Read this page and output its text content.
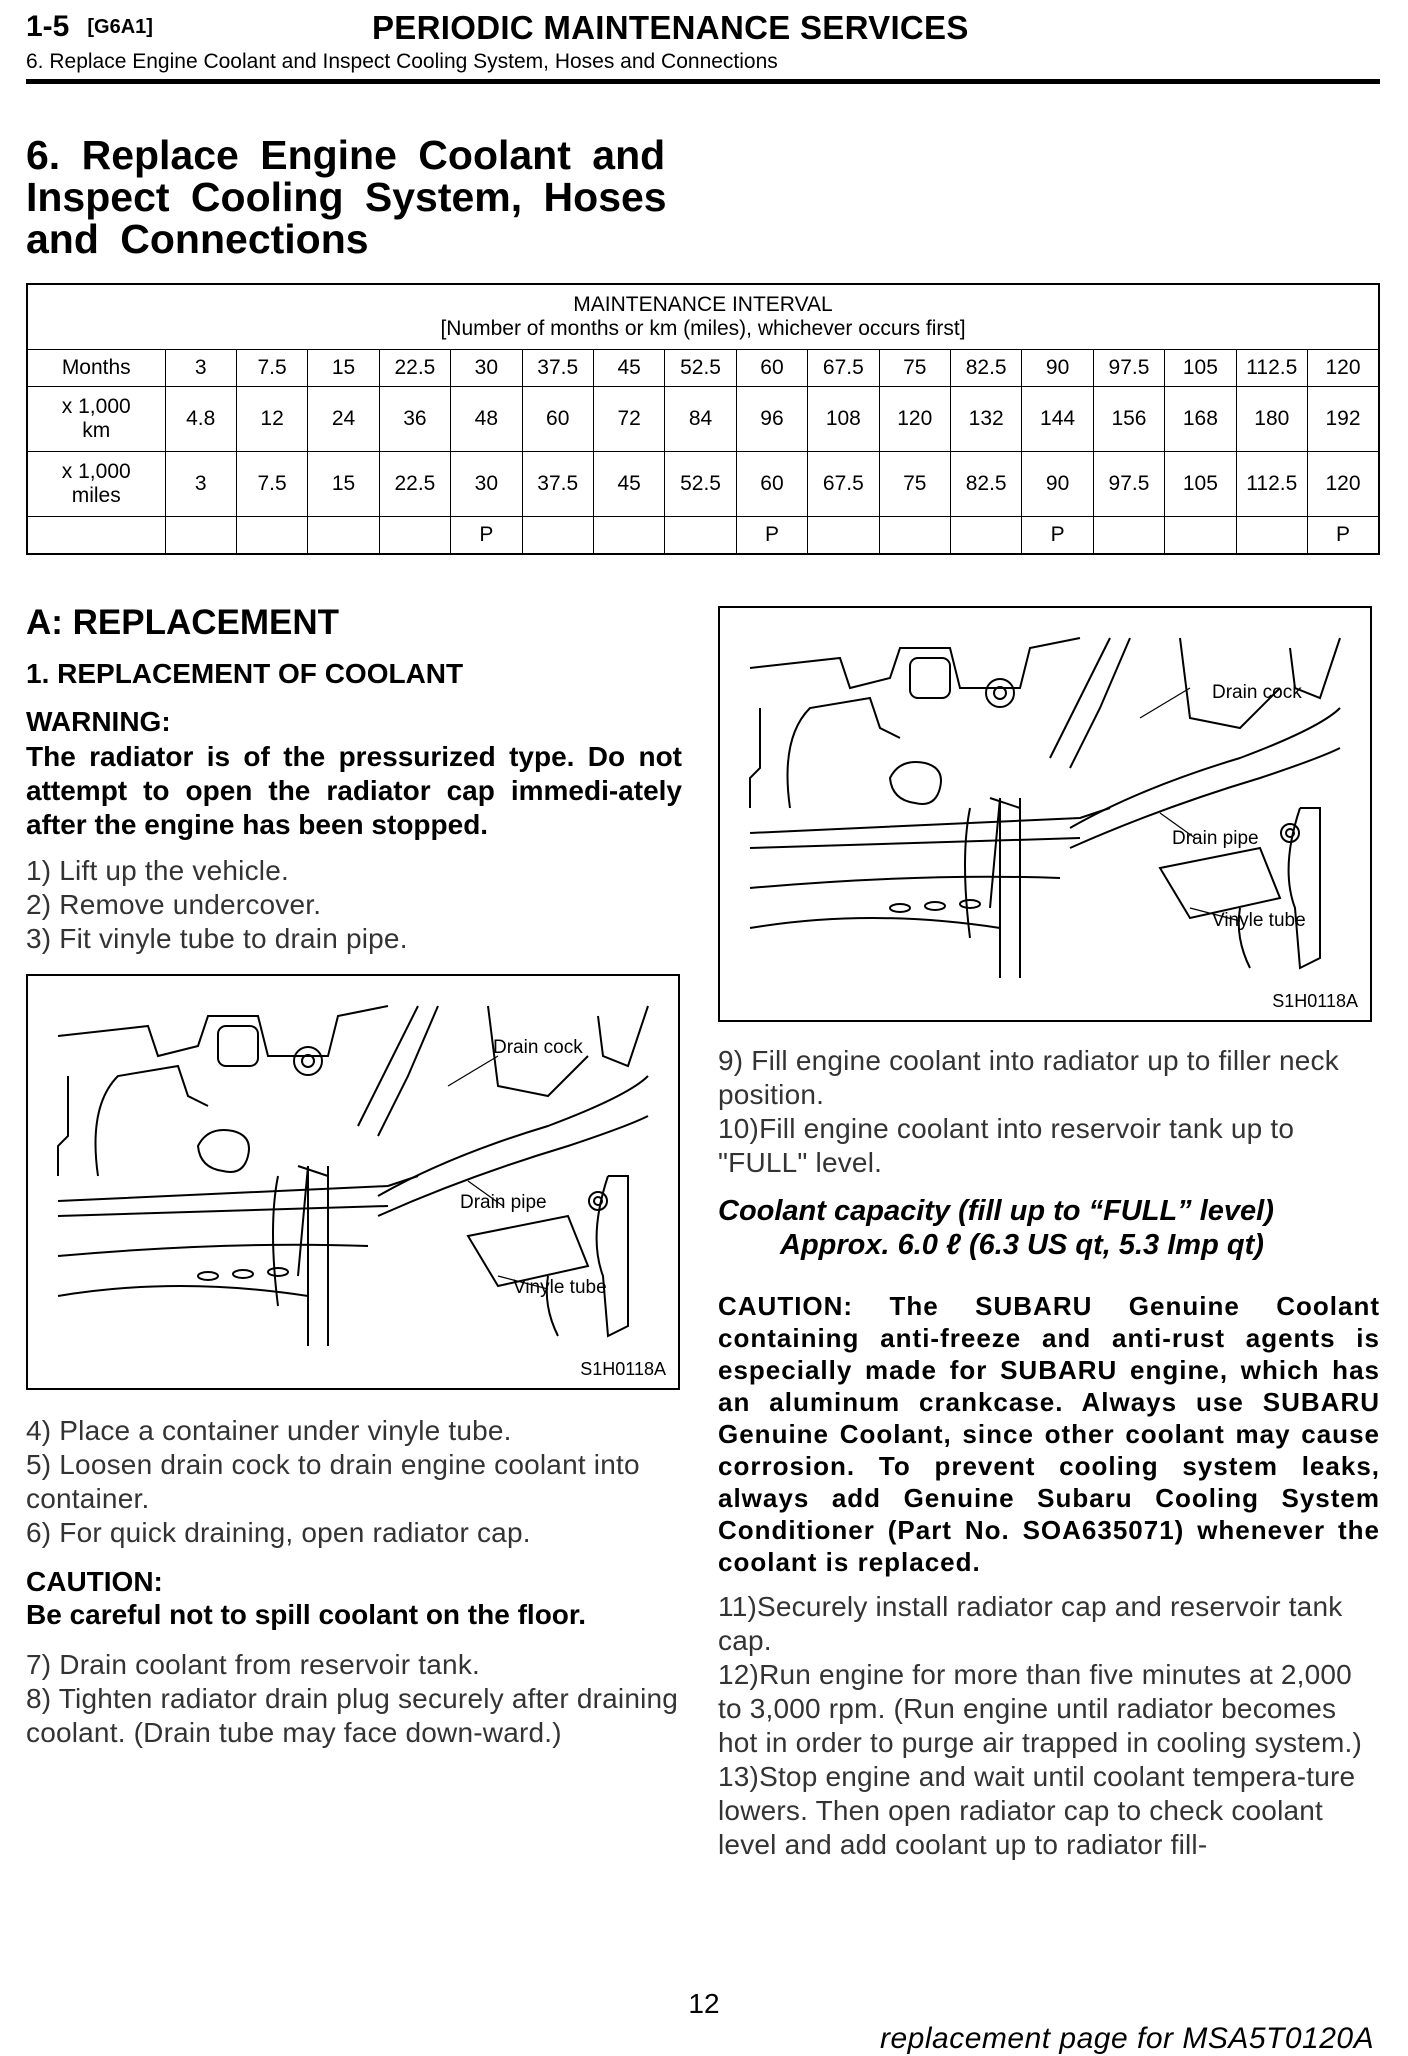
1-5 [G6A1]	PERIODIC MAINTENANCE SERVICES
6. Replace Engine Coolant and Inspect Cooling System, Hoses and Connections
6. Replace Engine Coolant and Inspect Cooling System, Hoses and Connections
MAINTENANCE INTERVAL
[Number of months or km (miles), whichever occurs first]																	

Months	3	7.5	15	22.5	30	37.5	45	52.5	60	67.5	75	82.5	90	97.5	105	112.5	120

x 1,000
km	4.8	12	24	36	48	60	72	84	96	108	120	132	144	156	168	180	192

x 1,000
miles	3	7.5	15	22.5	30	37.5	45	52.5	60	67.5	75	82.5	90	97.5	105	112.5	120
					P				P				P				P
A: REPLACEMENT
1. REPLACEMENT OF COOLANT
WARNING:
The radiator is of the pressurized type. Do not attempt to open the radiator cap immedi-ately after the engine has been stopped.
1) Lift up the vehicle.
2) Remove undercover.
3) Fit vinyle tube to drain pipe.
Drain cock
Drain pipe
Vinyle tube
S1H0118A
4) Place a container under vinyle tube.
5) Loosen drain cock to drain engine coolant into container.
6) For quick draining, open radiator cap.
CAUTION:
Be careful not to spill coolant on the floor.
7) Drain coolant from reservoir tank.
8) Tighten radiator drain plug securely after draining coolant. (Drain tube may face down-ward.)
Drain cock
Drain pipe
Vinyle tube
S1H0118A
9) Fill engine coolant into radiator up to filler neck position.
10)Fill engine coolant into reservoir tank up to "FULL" level.
Coolant capacity (fill up to “FULL” level)
Approx. 6.0 ℓ (6.3 US qt, 5.3 Imp qt)
CAUTION: The SUBARU Genuine Coolant containing anti-freeze and anti-rust agents is especially made for SUBARU engine, which has an aluminum crankcase. Always use SUBARU Genuine Coolant, since other coolant may cause corrosion. To prevent cooling system leaks, always add Genuine Subaru Cooling System Conditioner (Part No. SOA635071) whenever the coolant is replaced.
11)Securely install radiator cap and reservoir tank cap.
12)Run engine for more than five minutes at 2,000 to 3,000 rpm. (Run engine until radiator becomes hot in order to purge air trapped in cooling system.)
13)Stop engine and wait until coolant tempera-ture lowers. Then open radiator cap to check coolant level and add coolant up to radiator fill-
12
replacement page for MSA5T0120A
